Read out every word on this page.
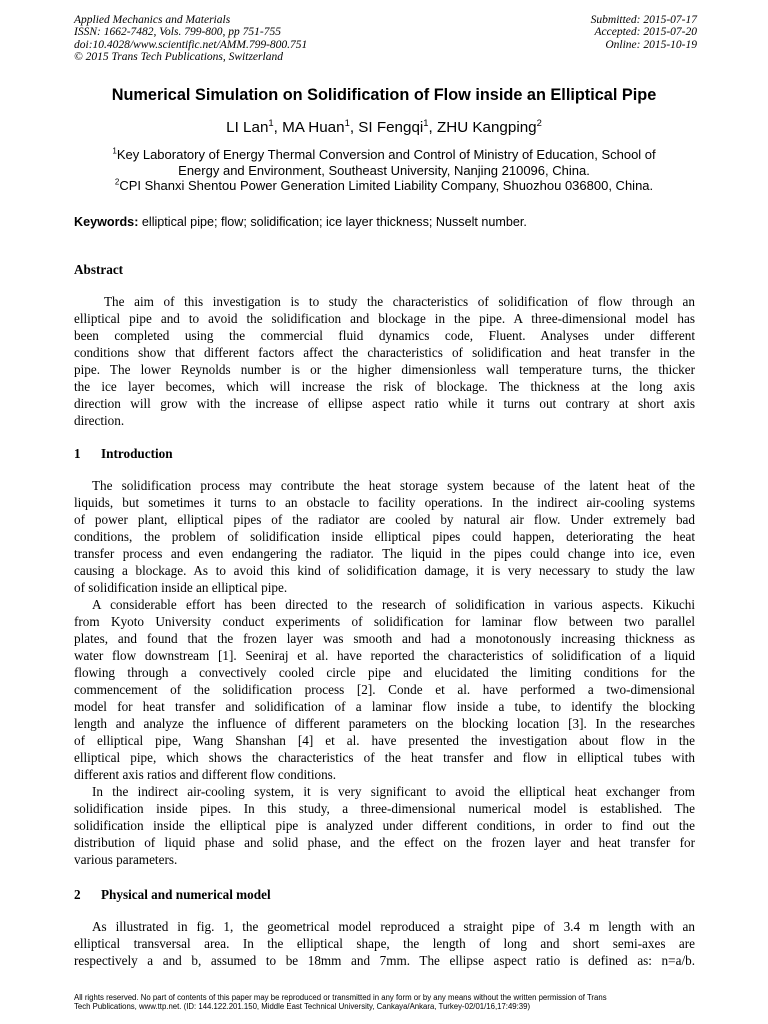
Applied Mechanics and Materials
ISSN: 1662-7482, Vols. 799-800, pp 751-755
doi:10.4028/www.scientific.net/AMM.799-800.751
© 2015 Trans Tech Publications, Switzerland
Submitted: 2015-07-17
Accepted: 2015-07-20
Online: 2015-10-19
Numerical Simulation on Solidification of Flow inside an Elliptical Pipe
LI Lan$^1$, MA Huan$^1$, SI Fengqi$^1$, ZHU Kangping$^2$
$^1$Key Laboratory of Energy Thermal Conversion and Control of Ministry of Education, School of
Energy and Environment, Southeast University, Nanjing 210096, China.
$^2$CPI Shanxi Shentou Power Generation Limited Liability Company, Shuozhou 036800, China.
Keywords: elliptical pipe; flow; solidification; ice layer thickness; Nusselt number.
Abstract
The aim of this investigation is to study the characteristics of solidification of flow through an
elliptical pipe and to avoid the solidification and blockage in the pipe. A three-dimensional model has
been completed using the commercial fluid dynamics code, Fluent. Analyses under different
conditions show that different factors affect the characteristics of solidification and heat transfer in the
pipe. The lower Reynolds number is or the higher dimensionless wall temperature turns, the thicker
the ice layer becomes, which will increase the risk of blockage. The thickness at the long axis
direction will grow with the increase of ellipse aspect ratio while it turns out contrary at short axis
direction.
1 Introduction
The solidification process may contribute the heat storage system because of the latent heat of the
liquids, but sometimes it turns to an obstacle to facility operations. In the indirect air-cooling systems
of power plant, elliptical pipes of the radiator are cooled by natural air flow. Under extremely bad
conditions, the problem of solidification inside elliptical pipes could happen, deteriorating the heat
transfer process and even endangering the radiator. The liquid in the pipes could change into ice, even
causing a blockage. As to avoid this kind of solidification damage, it is very necessary to study the law
of solidification inside an elliptical pipe.
A considerable effort has been directed to the research of solidification in various aspects. Kikuchi
from Kyoto University conduct experiments of solidification for laminar flow between two parallel
plates, and found that the frozen layer was smooth and had a monotonously increasing thickness as
water flow downstream [1]. Seeniraj et al. have reported the characteristics of solidification of a liquid
flowing through a convectively cooled circle pipe and elucidated the limiting conditions for the
commencement of the solidification process [2]. Conde et al. have performed a two-dimensional
model for heat transfer and solidification of a laminar flow inside a tube, to identify the blocking
length and analyze the influence of different parameters on the blocking location [3]. In the researches
of elliptical pipe, Wang Shanshan [4] et al. have presented the investigation about flow in the
elliptical pipe, which shows the characteristics of the heat transfer and flow in elliptical tubes with
different axis ratios and different flow conditions.
In the indirect air-cooling system, it is very significant to avoid the elliptical heat exchanger from
solidification inside pipes. In this study, a three-dimensional numerical model is established. The
solidification inside the elliptical pipe is analyzed under different conditions, in order to find out the
distribution of liquid phase and solid phase, and the effect on the frozen layer and heat transfer for
various parameters.
2 Physical and numerical model
As illustrated in fig. 1, the geometrical model reproduced a straight pipe of 3.4 m length with an
elliptical transversal area. In the elliptical shape, the length of long and short semi-axes are
respectively a and b, assumed to be 18mm and 7mm. The ellipse aspect ratio is defined as: n=a/b.
All rights reserved. No part of contents of this paper may be reproduced or transmitted in any form or by any means without the written permission of Trans
Tech Publications, www.ttp.net. (ID: 144.122.201.150, Middle East Technical University, Cankaya/Ankara, Turkey-02/01/16,17:49:39)
